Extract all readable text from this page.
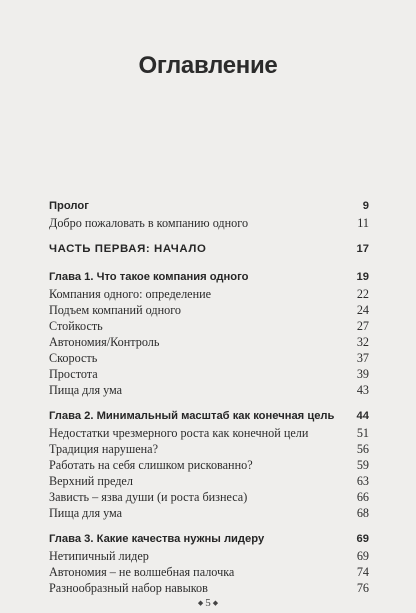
Оглавление
Пролог	9
Добро пожаловать в компанию одного	11
ЧАСТЬ ПЕРВАЯ: НАЧАЛО	17
Глава 1. Что такое компания одного	19
Компания одного: определение	22
Подъем компаний одного	24
Стойкость	27
Автономия/Контроль	32
Скорость	37
Простота	39
Пища для ума	43
Глава 2. Минимальный масштаб как конечная цель 44
Недостатки чрезмерного роста как конечной цели	51
Традиция нарушена?	56
Работать на себя слишком рискованно?	59
Верхний предел	63
Зависть – язва души (и роста бизнеса)	66
Пища для ума	68
Глава 3. Какие качества нужны лидеру	69
Нетипичный лидер	69
Автономия – не волшебная палочка	74
Разнообразный набор навыков	76
◆ 5 ◆
